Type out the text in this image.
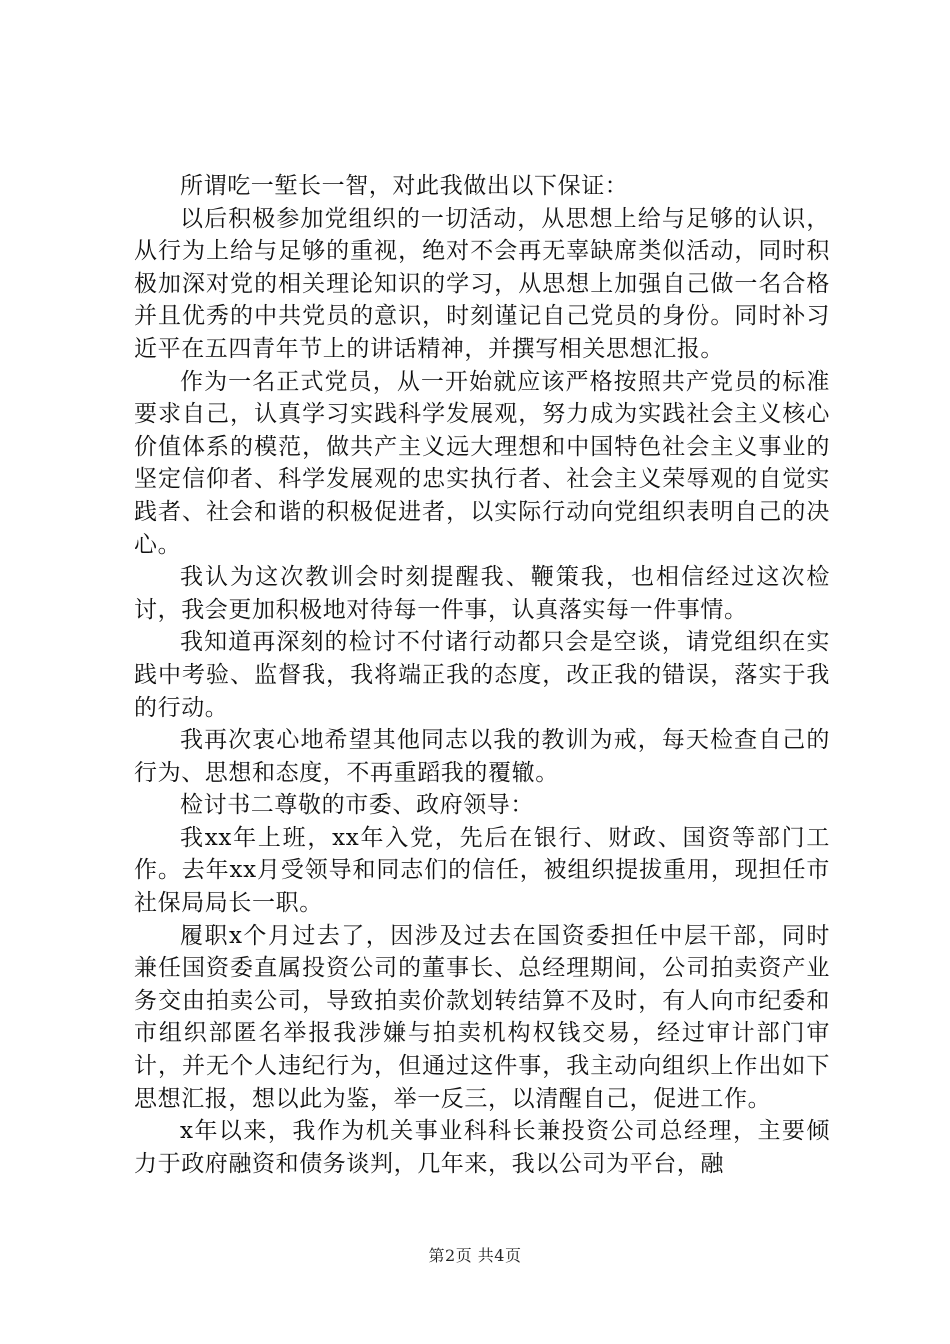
所谓吃一堑长一智，对此我做出以下保证：

以后积极参加党组织的一切活动，从思想上给与足够的认识，从行为上给与足够的重视，绝对不会再无辜缺席类似活动，同时积极加深对党的相关理论知识的学习，从思想上加强自己做一名合格并且优秀的中共党员的意识，时刻谨记自己党员的身份。同时补习近平在五四青年节上的讲话精神，并撰写相关思想汇报。

作为一名正式党员，从一开始就应该严格按照共产党员的标准要求自己，认真学习实践科学发展观，努力成为实践社会主义核心价值体系的模范，做共产主义远大理想和中国特色社会主义事业的坚定信仰者、科学发展观的忠实执行者、社会主义荣辱观的自觉实践者、社会和谐的积极促进者，以实际行动向党组织表明自己的决心。

我认为这次教训会时刻提醒我、鞭策我，也相信经过这次检讨，我会更加积极地对待每一件事，认真落实每一件事情。

我知道再深刻的检讨不付诸行动都只会是空谈，请党组织在实践中考验、监督我，我将端正我的态度，改正我的错误，落实于我的行动。

我再次衷心地希望其他同志以我的教训为戒，每天检查自己的行为、思想和态度，不再重蹈我的覆辙。

检讨书二尊敬的市委、政府领导：

我xx年上班，xx年入党，先后在银行、财政、国资等部门工作。去年xx月受领导和同志们的信任，被组织提拔重用，现担任市社保局局长一职。

履职x个月过去了，因涉及过去在国资委担任中层干部，同时兼任国资委直属投资公司的董事长、总经理期间，公司拍卖资产业务交由拍卖公司，导致拍卖价款划转结算不及时，有人向市纪委和市组织部匿名举报我涉嫌与拍卖机构权钱交易，经过审计部门审计，并无个人违纪行为，但通过这件事，我主动向组织上作出如下思想汇报，想以此为鉴，举一反三，以清醒自己，促进工作。

x年以来，我作为机关事业科科长兼投资公司总经理，主要倾力于政府融资和债务谈判，几年来，我以公司为平台，融

第2页 共4页
